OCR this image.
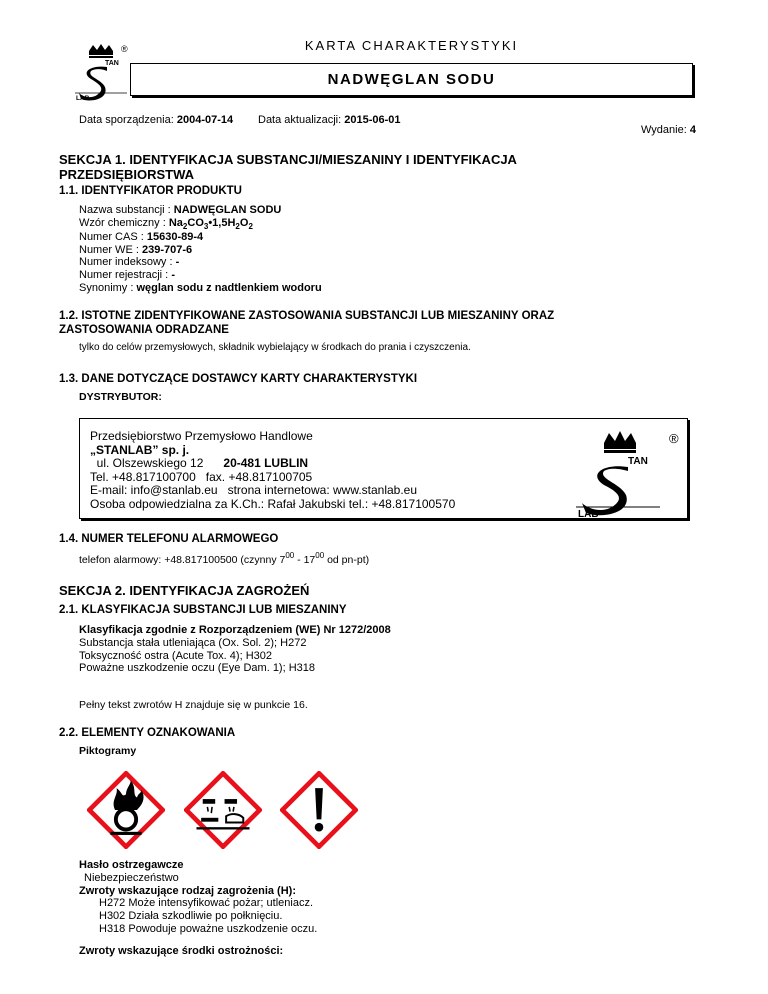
TAN
LAB
®	KARTA CHARAKTERYSTYKI
NADWĘGLAN SODU
Data sporządzenia: 2004-07-14 Data aktualizacji: 2015-06-01
Wydanie: 4
SEKCJA 1. IDENTYFIKACJA SUBSTANCJI/MIESZANINY I IDENTYFIKACJA
PRZEDSIĘBIORSTWA
1.1. IDENTYFIKATOR PRODUKTU
Nazwa substancji : NADWĘGLAN SODU
Wzór chemiczny : $Na_2CO_3•1,5H_2O_2$
Numer CAS : 15630-89-4
Numer WE : 239-707-6
Numer indeksowy : -
Numer rejestracji : -
Synonimy : węglan sodu z nadtlenkiem wodoru
1.2. ISTOTNE ZIDENTYFIKOWANE ZASTOSOWANIA SUBSTANCJI LUB MIESZANINY ORAZ
ZASTOSOWANIA ODRADZANE
tylko do celów przemysłowych, składnik wybielający w środkach do prania i czyszczenia.
1.3. DANE DOTYCZĄCE DOSTAWCY KARTY CHARAKTERYSTYKI
DYSTRYBUTOR:
Przedsiębiorstwo Przemysłowo Handlowe
„STANLAB” sp. j.
ul. Olszewskiego 12 20-481 LUBLIN
Tel. +48.817100700 fax. +48.817100705
E-mail: info@stanlab.eu strona internetowa: www.stanlab.eu
Osoba odpowiedzialna za K.Ch.: Rafał Jakubski tel.: +48.817100570
TAN
LAB
®
1.4. NUMER TELEFONU ALARMOWEGO
telefon alarmowy: +48.817100500 (czynny $7^{00} - 17^{00}$ od pn-pt)
SEKCJA 2. IDENTYFIKACJA ZAGROŻEŃ
2.1. KLASYFIKACJA SUBSTANCJI LUB MIESZANINY
Klasyfikacja zgodnie z Rozporządzeniem (WE) Nr 1272/2008
Substancja stała utleniająca (Ox. Sol. 2); H272
Toksyczność ostra (Acute Tox. 4); H302
Poważne uszkodzenie oczu (Eye Dam. 1); H318
Pełny tekst zwrotów H znajduje się w punkcie 16.
2.2. ELEMENTY OZNAKOWANIA
Piktogramy
Hasło ostrzegawcze
Niebezpieczeństwo
Zwroty wskazujące rodzaj zagrożenia (H):
H272 Może intensyfikować pożar; utleniacz.
H302 Działa szkodliwie po połknięciu.
H318 Powoduje poważne uszkodzenie oczu.
Zwroty wskazujące środki ostrożności:
